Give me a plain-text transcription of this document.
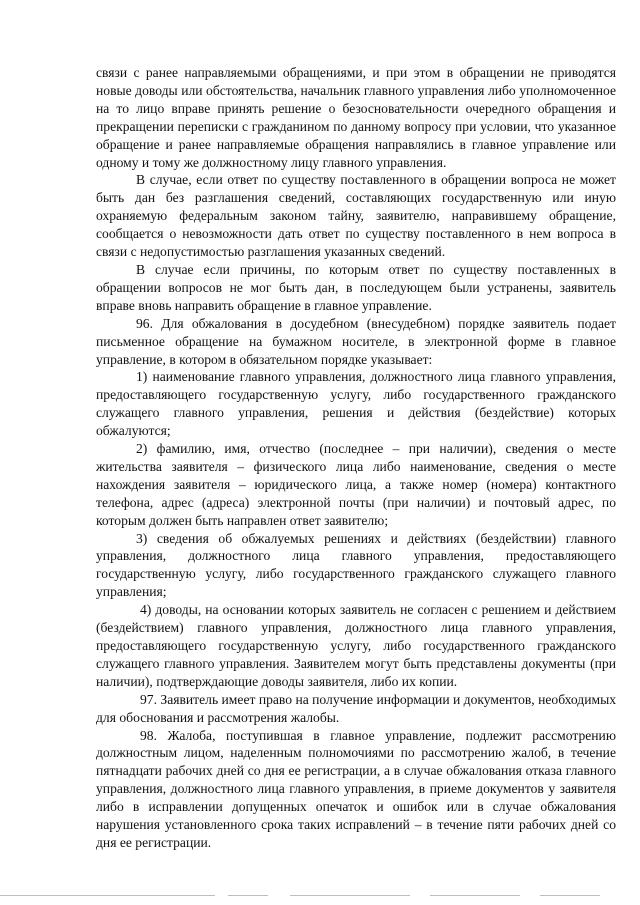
связи с ранее направляемыми обращениями, и при этом в обращении не приводятся новые доводы или обстоятельства, начальник главного управления либо уполномоченное на то лицо вправе принять решение о безосновательности очередного обращения и прекращении переписки с гражданином по данному вопросу при условии, что указанное обращение и ранее направляемые обращения направлялись в главное управление или одному и тому же должностному лицу главного управления.

В случае, если ответ по существу поставленного в обращении вопроса не может быть дан без разглашения сведений, составляющих государственную или иную охраняемую федеральным законом тайну, заявителю, направившему обращение, сообщается о невозможности дать ответ по существу поставленного в нем вопроса в связи с недопустимостью разглашения указанных сведений.

В случае если причины, по которым ответ по существу поставленных в обращении вопросов не мог быть дан, в последующем были устранены, заявитель вправе вновь направить обращение в главное управление.

96. Для обжалования в досудебном (внесудебном) порядке заявитель подает письменное обращение на бумажном носителе, в электронной форме в главное управление, в котором в обязательном порядке указывает:

1) наименование главного управления, должностного лица главного управления, предоставляющего государственную услугу, либо государственного гражданского служащего главного управления, решения и действия (бездействие) которых обжалуются;

2) фамилию, имя, отчество (последнее – при наличии), сведения о месте жительства заявителя – физического лица либо наименование, сведения о месте нахождения заявителя – юридического лица, а также номер (номера) контактного телефона, адрес (адреса) электронной почты (при наличии) и почтовый адрес, по которым должен быть направлен ответ заявителю;

3) сведения об обжалуемых решениях и действиях (бездействии) главного управления, должностного лица главного управления, предоставляющего государственную услугу, либо государственного гражданского служащего главного управления;

4) доводы, на основании которых заявитель не согласен с решением и действием (бездействием) главного управления, должностного лица главного управления, предоставляющего государственную услугу, либо государственного гражданского служащего главного управления. Заявителем могут быть представлены документы (при наличии), подтверждающие доводы заявителя, либо их копии.

97. Заявитель имеет право на получение информации и документов, необходимых для обоснования и рассмотрения жалобы.

98. Жалоба, поступившая в главное управление, подлежит рассмотрению должностным лицом, наделенным полномочиями по рассмотрению жалоб, в течение пятнадцати рабочих дней со дня ее регистрации, а в случае обжалования отказа главного управления, должностного лица главного управления, в приеме документов у заявителя либо в исправлении допущенных опечаток и ошибок или в случае обжалования нарушения установленного срока таких исправлений – в течение пяти рабочих дней со дня ее регистрации.
